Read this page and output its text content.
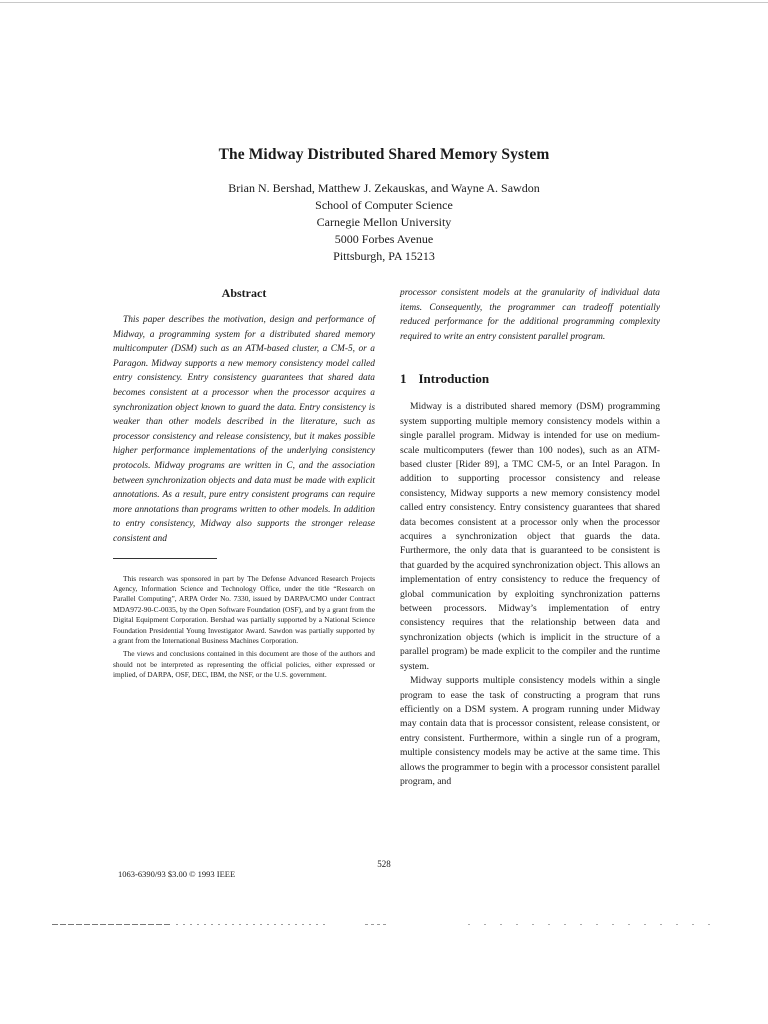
The Midway Distributed Shared Memory System
Brian N. Bershad, Matthew J. Zekauskas, and Wayne A. Sawdon
School of Computer Science
Carnegie Mellon University
5000 Forbes Avenue
Pittsburgh, PA 15213
Abstract

This paper describes the motivation, design and performance of Midway, a programming system for a distributed shared memory multicomputer (DSM) such as an ATM-based cluster, a CM-5, or a Paragon. Midway supports a new memory consistency model called entry consistency. Entry consistency guarantees that shared data becomes consistent at a processor when the processor acquires a synchronization object known to guard the data. Entry consistency is weaker than other models described in the literature, such as processor consistency and release consistency, but it makes possible higher performance implementations of the underlying consistency protocols. Midway programs are written in C, and the association between synchronization objects and data must be made with explicit annotations. As a result, pure entry consistent programs can require more annotations than programs written to other models. In addition to entry consistency, Midway also supports the stronger release consistent and

This research was sponsored in part by The Defense Advanced Research Projects Agency, Information Science and Technology Office, under the title “Research on Parallel Computing”, ARPA Order No. 7330, issued by DARPA/CMO under Contract MDA972-90-C-0035, by the Open Software Foundation (OSF), and by a grant from the Digital Equipment Corporation. Bershad was partially supported by a National Science Foundation Presidential Young Investigator Award. Sawdon was partially supported by a grant from the International Business Machines Corporation.

The views and conclusions contained in this document are those of the authors and should not be interpreted as representing the official policies, either expressed or implied, of DARPA, OSF, DEC, IBM, the NSF, or the U.S. government.

processor consistent models at the granularity of individual data items. Consequently, the programmer can tradeoff potentially reduced performance for the additional programming complexity required to write an entry consistent parallel program.

1 Introduction

Midway is a distributed shared memory (DSM) programming system supporting multiple memory consistency models within a single parallel program. Midway is intended for use on medium-scale multicomputers (fewer than 100 nodes), such as an ATM-based cluster [Rider 89], a TMC CM-5, or an Intel Paragon. In addition to supporting processor consistency and release consistency, Midway supports a new memory consistency model called entry consistency. Entry consistency guarantees that shared data becomes consistent at a processor only when the processor acquires a synchronization object that guards the data. Furthermore, the only data that is guaranteed to be consistent is that guarded by the acquired synchronization object. This allows an implementation of entry consistency to reduce the frequency of global communication by exploiting synchronization patterns between processors. Midway’s implementation of entry consistency requires that the relationship between data and synchronization objects (which is implicit in the structure of a parallel program) be made explicit to the compiler and the runtime system.

Midway supports multiple consistency models within a single program to ease the task of constructing a program that runs efficiently on a DSM system. A program running under Midway may contain data that is processor consistent, release consistent, or entry consistent. Furthermore, within a single run of a program, multiple consistency models may be active at the same time. This allows the programmer to begin with a processor consistent parallel program, and

528
1063-6390/93 $3.00 © 1993 IEEE
